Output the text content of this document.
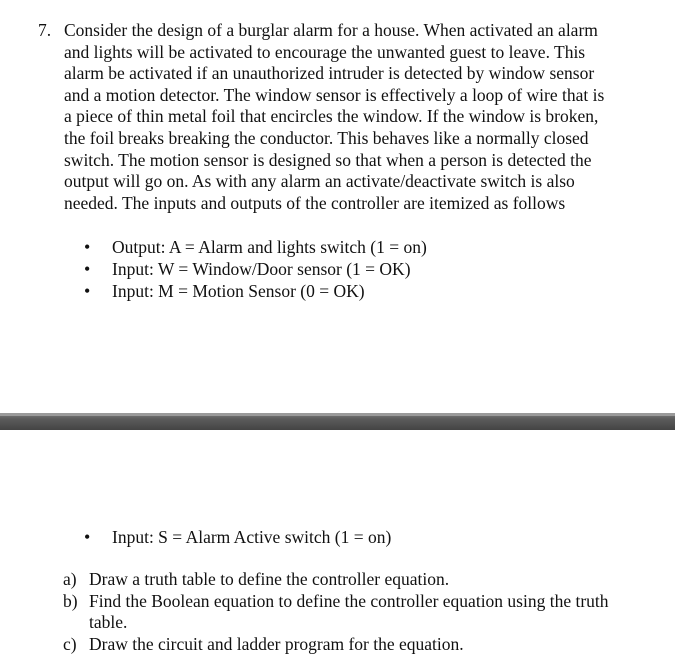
7. Consider the design of a burglar alarm for a house. When activated an alarm
and lights will be activated to encourage the unwanted guest to leave. This
alarm be activated if an unauthorized intruder is detected by window sensor
and a motion detector. The window sensor is effectively a loop of wire that is
a piece of thin metal foil that encircles the window. If the window is broken,
the foil breaks breaking the conductor. This behaves like a normally closed
switch. The motion sensor is designed so that when a person is detected the
output will go on. As with any alarm an activate/deactivate switch is also
needed. The inputs and outputs of the controller are itemized as follows
•	Output: A = Alarm and lights switch (1 = on)
•	Input: W = Window/Door sensor (1 = OK)
•	Input: M = Motion Sensor (0 = OK)
•	Input: S = Alarm Active switch (1 = on)
a) Draw a truth table to define the controller equation.
b) Find the Boolean equation to define the controller equation using the truth
table.
c) Draw the circuit and ladder program for the equation.
